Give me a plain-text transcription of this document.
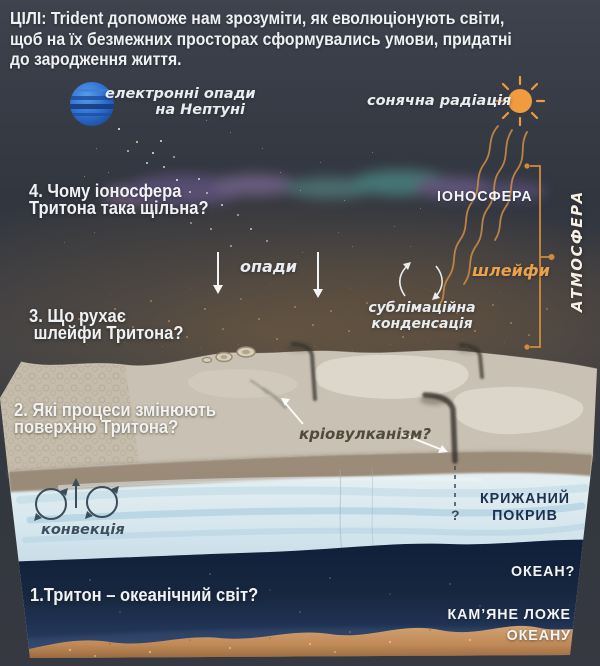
ЦІЛІ: Trident допоможе нам зрозуміти, як еволюціонують світи,
щоб на їх безмежних просторах сформувались умови, придатні
до зародження життя.
електронні опади
на Нептуні
сонячна радіація
ІОНОСФЕРА АТМОСФЕРА
4. Чому іоносфера
Тритона така щільна?
опади	шлейфи
сублімаційна
конденсація
3. Що рухає
шлейфи Тритона?
2. Які процеси змінюють
поверхню Тритона?	кріовулканізм?
конвекція
?
КРИЖАНИЙ
ПОКРИВ
ОКЕАН?
КАМ’ЯНЕ ЛОЖЕ
ОКЕАНУ
1.Тритон – океанічний світ?
